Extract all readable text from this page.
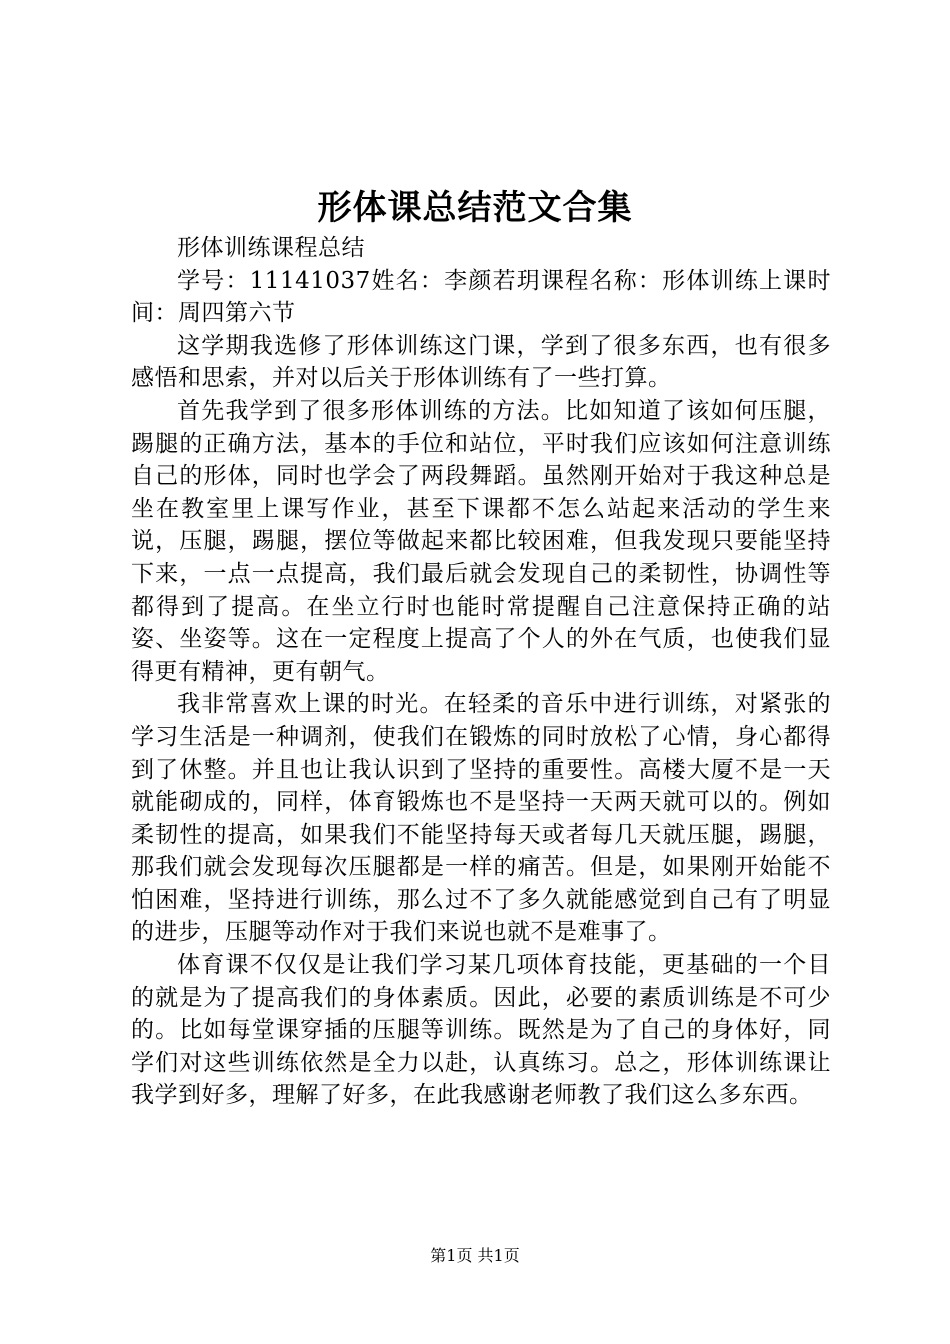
形体课总结范文合集

形体训练课程总结

学号：11141037姓名：李颜若玥课程名称：形体训练上课时间：周四第六节

这学期我选修了形体训练这门课，学到了很多东西，也有很多感悟和思索，并对以后关于形体训练有了一些打算。

首先我学到了很多形体训练的方法。比如知道了该如何压腿，踢腿的正确方法，基本的手位和站位，平时我们应该如何注意训练自己的形体，同时也学会了两段舞蹈。虽然刚开始对于我这种总是坐在教室里上课写作业，甚至下课都不怎么站起来活动的学生来说，压腿，踢腿，摆位等做起来都比较困难，但我发现只要能坚持下来，一点一点提高，我们最后就会发现自己的柔韧性，协调性等都得到了提高。在坐立行时也能时常提醒自己注意保持正确的站姿、坐姿等。这在一定程度上提高了个人的外在气质，也使我们显得更有精神，更有朝气。

我非常喜欢上课的时光。在轻柔的音乐中进行训练，对紧张的学习生活是一种调剂，使我们在锻炼的同时放松了心情，身心都得到了休整。并且也让我认识到了坚持的重要性。高楼大厦不是一天就能砌成的，同样，体育锻炼也不是坚持一天两天就可以的。例如柔韧性的提高，如果我们不能坚持每天或者每几天就压腿，踢腿，那我们就会发现每次压腿都是一样的痛苦。但是，如果刚开始能不怕困难，坚持进行训练，那么过不了多久就能感觉到自己有了明显的进步，压腿等动作对于我们来说也就不是难事了。

体育课不仅仅是让我们学习某几项体育技能，更基础的一个目的就是为了提高我们的身体素质。因此，必要的素质训练是不可少的。比如每堂课穿插的压腿等训练。既然是为了自己的身体好，同学们对这些训练依然是全力以赴，认真练习。总之，形体训练课让我学到好多，理解了好多，在此我感谢老师教了我们这么多东西。

第1页 共1页
